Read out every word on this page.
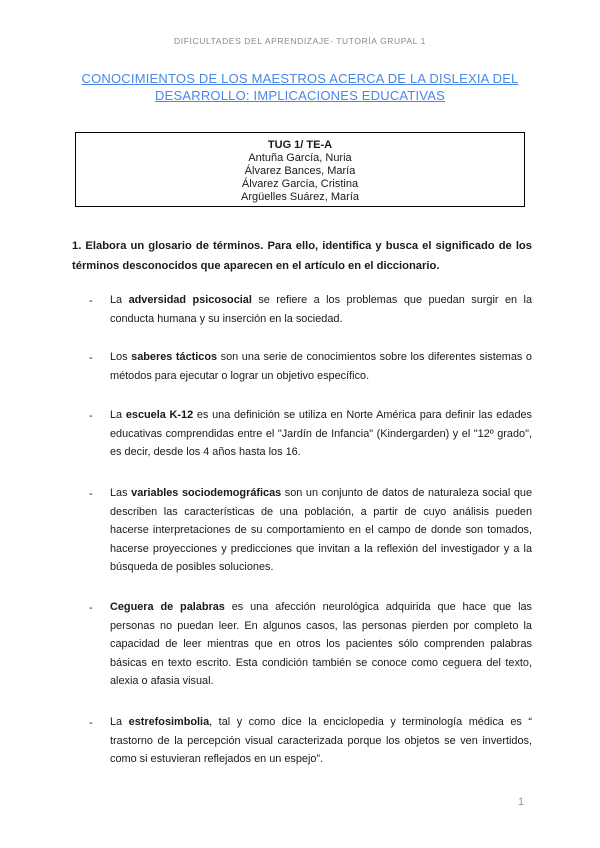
DIFICULTADES DEL APRENDIZAJE- TUTORÍA GRUPAL 1
CONOCIMIENTOS DE LOS MAESTROS ACERCA DE LA DISLEXIA DEL
DESARROLLO: IMPLICACIONES EDUCATIVAS
TUG 1/ TE-A
Antuña García, Nuria
Álvarez Bances, María
Álvarez García, Cristina
Argüelles Suárez, María
1. Elabora un glosario de términos. Para ello, identifica y busca el significado de los términos desconocidos que aparecen en el artículo en el diccionario.
- La adversidad psicosocial se refiere a los problemas que puedan surgir en la conducta humana y su inserción en la sociedad.
- Los saberes tácticos son una serie de conocimientos sobre los diferentes sistemas o métodos para ejecutar o lograr un objetivo específico.
- La escuela K-12 es una definición se utiliza en Norte América para definir las edades educativas comprendidas entre el "Jardín de Infancia" (Kindergarden) y el "12º grado", es decir, desde los 4 años hasta los 16.
- Las variables sociodemográficas son un conjunto de datos de naturaleza social que describen las características de una población, a partir de cuyo análisis pueden hacerse interpretaciones de su comportamiento en el campo de donde son tomados, hacerse proyecciones y predicciones que invitan a la reflexión del investigador y a la búsqueda de posibles soluciones.
- Ceguera de palabras es una afección neurológica adquirida que hace que las personas no puedan leer. En algunos casos, las personas pierden por completo la capacidad de leer mientras que en otros los pacientes sólo comprenden palabras básicas en texto escrito. Esta condición también se conoce como ceguera del texto, alexia o afasia visual.
- La estrefosimbolia, tal y como dice la enciclopedia y terminología médica es “ trastorno de la percepción visual caracterizada porque los objetos se ven invertidos, como si estuvieran reflejados en un espejo”.
1
